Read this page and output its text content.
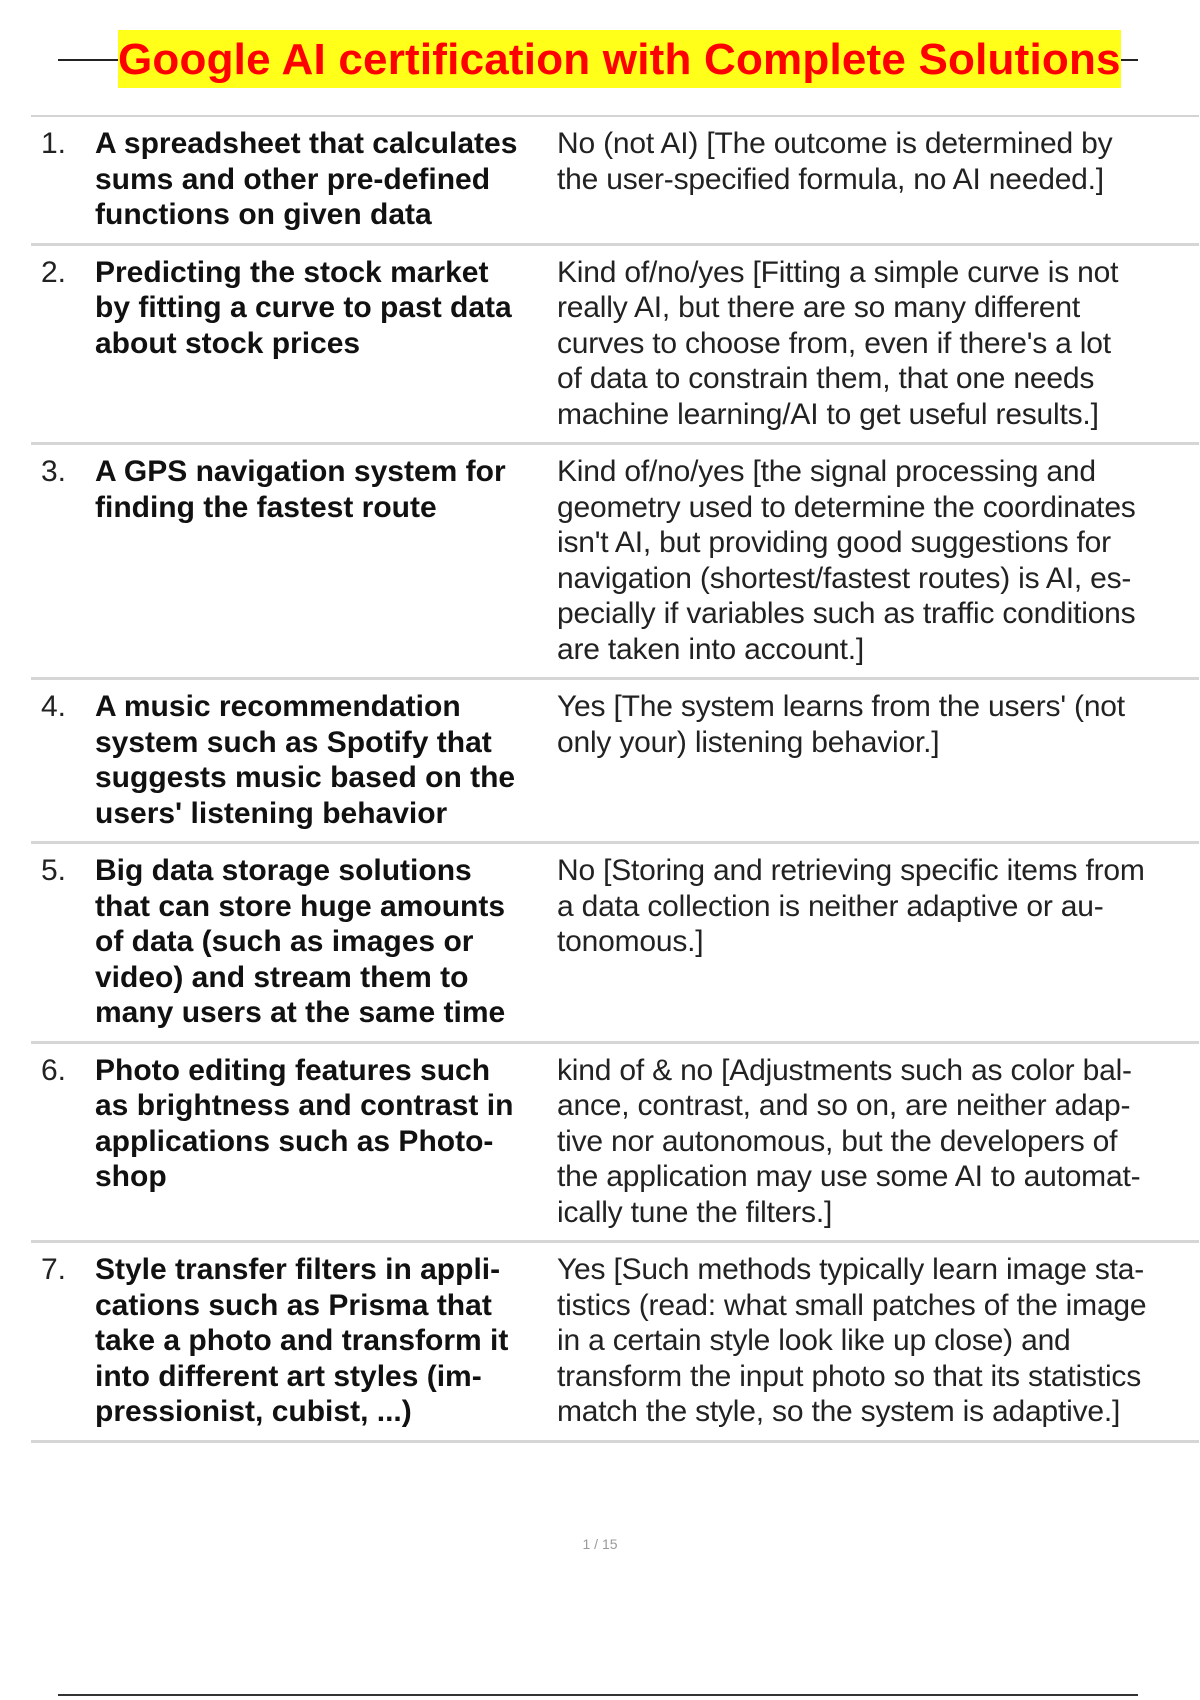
Google AI certification with Complete Solutions
1. A spreadsheet that calculates
sums and other pre-defined
functions on given data
No (not AI) [The outcome is determined by
the user-specified formula, no AI needed.]
2. Predicting the stock market
by fitting a curve to past data
about stock prices
Kind of/no/yes [Fitting a simple curve is not
really AI, but there are so many different
curves to choose from, even if there's a lot
of data to constrain them, that one needs
machine learning/AI to get useful results.]
3. A GPS navigation system for
finding the fastest route
Kind of/no/yes [the signal processing and
geometry used to determine the coordinates
isn't AI, but providing good suggestions for
navigation (shortest/fastest routes) is AI, es-
pecially if variables such as traffic conditions
are taken into account.]
4. A music recommendation
system such as Spotify that
suggests music based on the
users' listening behavior
Yes [The system learns from the users' (not
only your) listening behavior.]
5. Big data storage solutions
that can store huge amounts
of data (such as images or
video) and stream them to
many users at the same time
No [Storing and retrieving specific items from
a data collection is neither adaptive or au-
tonomous.]
6. Photo editing features such
as brightness and contrast in
applications such as Photo-
shop
kind of & no [Adjustments such as color bal-
ance, contrast, and so on, are neither adap-
tive nor autonomous, but the developers of
the application may use some AI to automat-
ically tune the filters.]
7. Style transfer filters in appli-
cations such as Prisma that
take a photo and transform it
into different art styles (im-
pressionist, cubist, ...)
Yes [Such methods typically learn image sta-
tistics (read: what small patches of the image
in a certain style look like up close) and
transform the input photo so that its statistics
match the style, so the system is adaptive.]
1 / 15
